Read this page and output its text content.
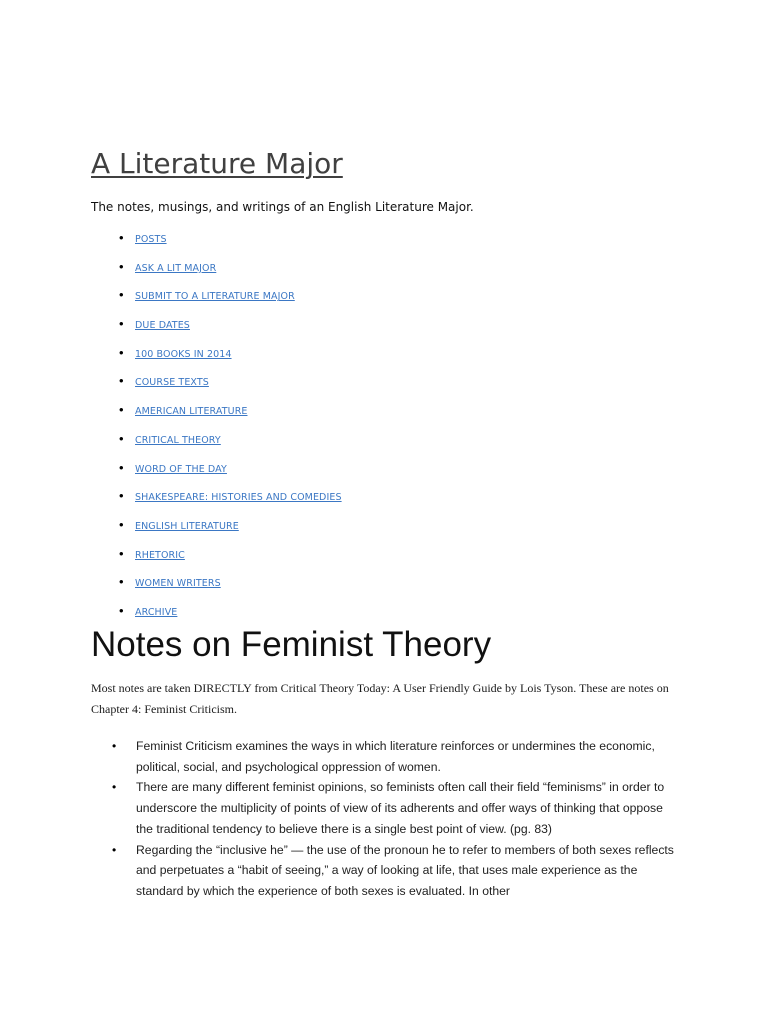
A Literature Major

The notes, musings, and writings of an English Literature Major.

• POSTS
• ASK A LIT MAJOR
• SUBMIT TO A LITERATURE MAJOR
• DUE DATES
• 100 BOOKS IN 2014
• COURSE TEXTS
• AMERICAN LITERATURE
• CRITICAL THEORY
• WORD OF THE DAY
• SHAKESPEARE: HISTORIES AND COMEDIES
• ENGLISH LITERATURE
• RHETORIC
• WOMEN WRITERS
• ARCHIVE
Notes on Feminist Theory

Most notes are taken DIRECTLY from Critical Theory Today: A User Friendly Guide by Lois Tyson. These are notes on Chapter 4: Feminist Criticism.

• Feminist Criticism examines the ways in which literature reinforces or undermines the economic, political, social, and psychological oppression of women.
• There are many different feminist opinions, so feminists often call their field “feminisms” in order to underscore the multiplicity of points of view of its adherents and offer ways of thinking that oppose the traditional tendency to believe there is a single best point of view. (pg. 83)
• Regarding the “inclusive he” — the use of the pronoun he to refer to members of both sexes reflects and perpetuates a “habit of seeing,” a way of looking at life, that uses male experience as the standard by which the experience of both sexes is evaluated. In other
